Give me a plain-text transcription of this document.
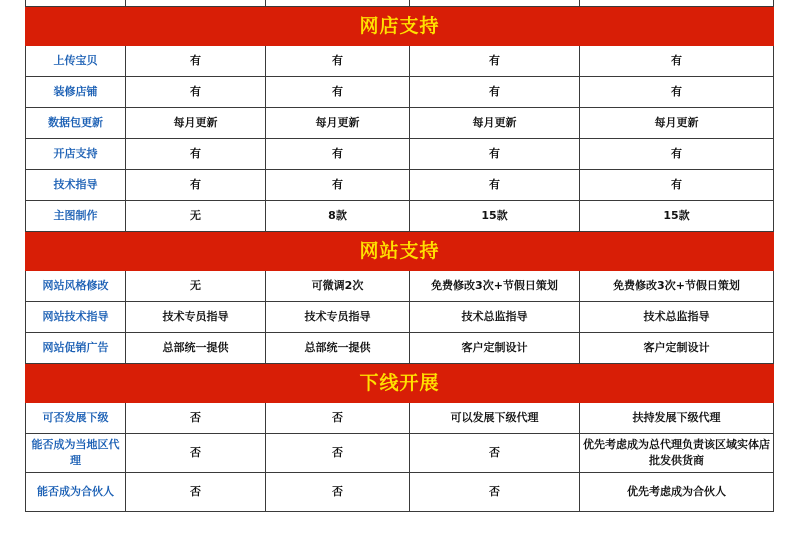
网店支持				
上传宝贝	有	有	有	有
装修店铺	有	有	有	有
数据包更新	每月更新	每月更新	每月更新	每月更新
开店支持	有	有	有	有
技术指导	有	有	有	有
主图制作	无	8款	15款	15款
网站支持				
网站风格修改	无	可微调2次	免费修改3次+节假日策划	免费修改3次+节假日策划
网站技术指导	技术专员指导	技术专员指导	技术总监指导	技术总监指导
网站促销广告	总部统一提供	总部统一提供	客户定制设计	客户定制设计
下线开展				
可否发展下级	否	否	可以发展下级代理	扶持发展下级代理
能否成为当地区代理	否	否	否	优先考虑成为总代理负责该区域实体店批发供货商
能否成为合伙人	否	否	否	优先考虑成为合伙人
